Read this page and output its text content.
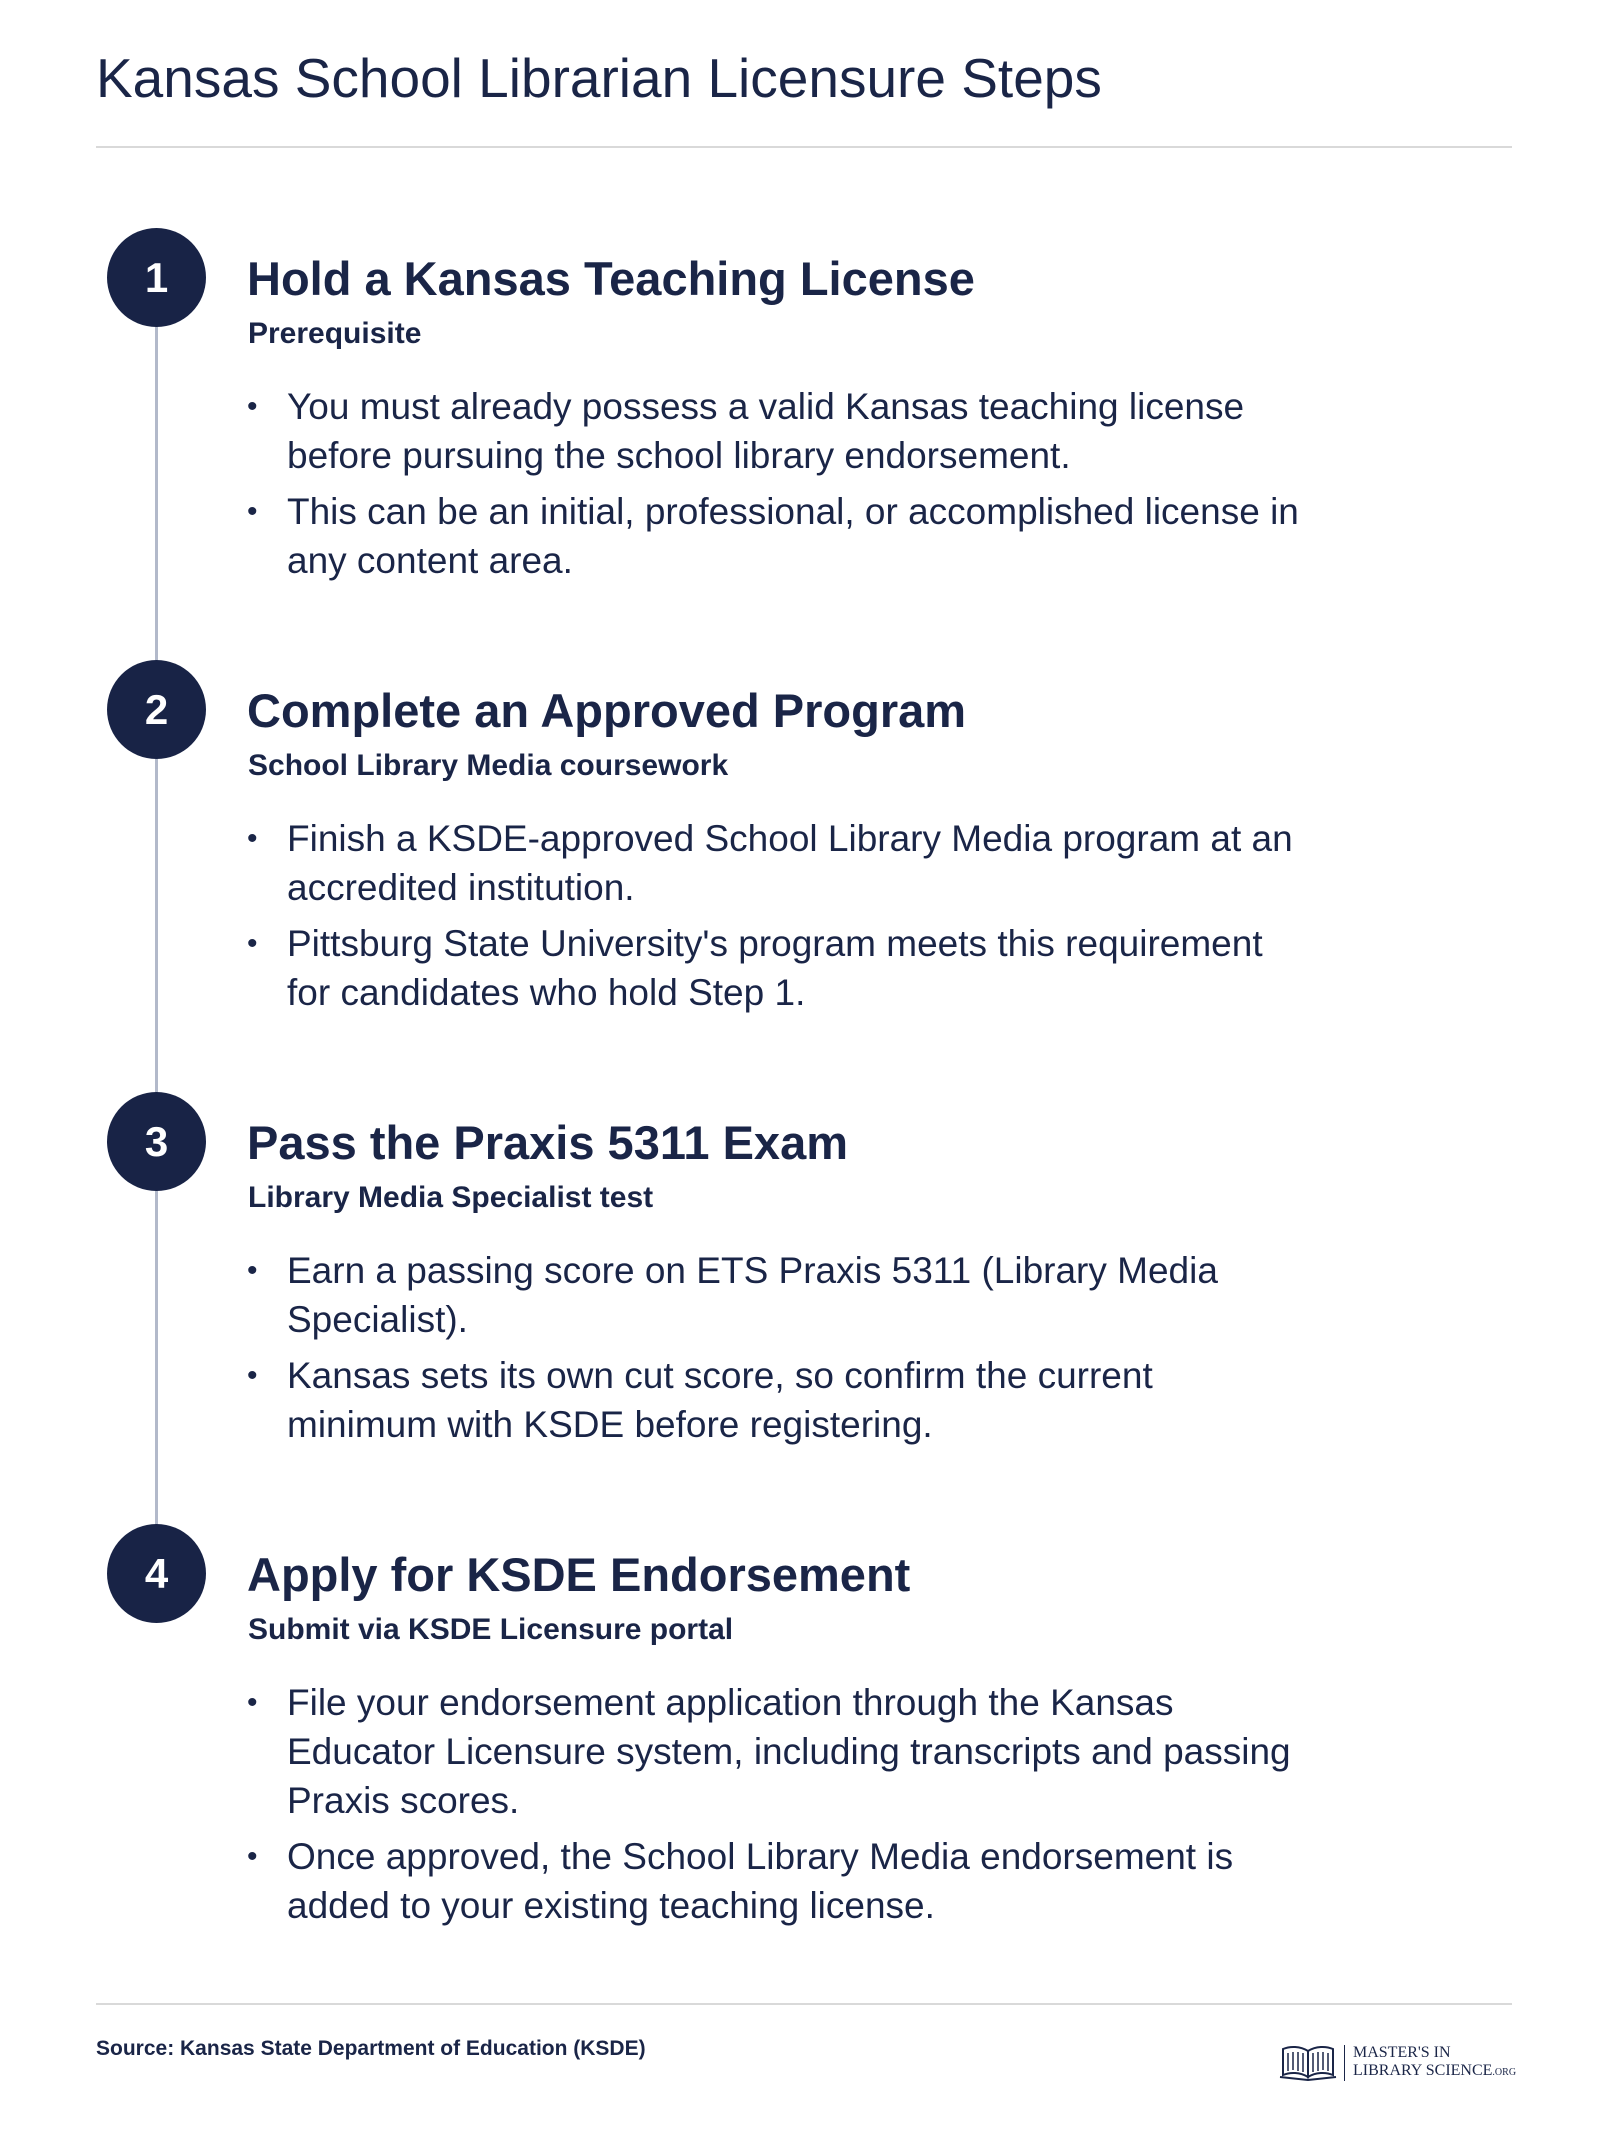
Kansas School Librarian Licensure Steps
1	Hold a Kansas Teaching License
Prerequisite
• You must already possess a valid Kansas teaching license before pursuing the school library endorsement.
• This can be an initial, professional, or accomplished license in any content area.
2	Complete an Approved Program
School Library Media coursework
• Finish a KSDE-approved School Library Media program at an accredited institution.
• Pittsburg State University's program meets this requirement for candidates who hold Step 1.
3	Pass the Praxis 5311 Exam
Library Media Specialist test
• Earn a passing score on ETS Praxis 5311 (Library Media Specialist).
• Kansas sets its own cut score, so confirm the current minimum with KSDE before registering.
4	Apply for KSDE Endorsement
Submit via KSDE Licensure portal
• File your endorsement application through the Kansas Educator Licensure system, including transcripts and passing Praxis scores.
• Once approved, the School Library Media endorsement is added to your existing teaching license.
Source: Kansas State Department of Education (KSDE)	MASTER'S IN
LIBRARY SCIENCE.ORG
